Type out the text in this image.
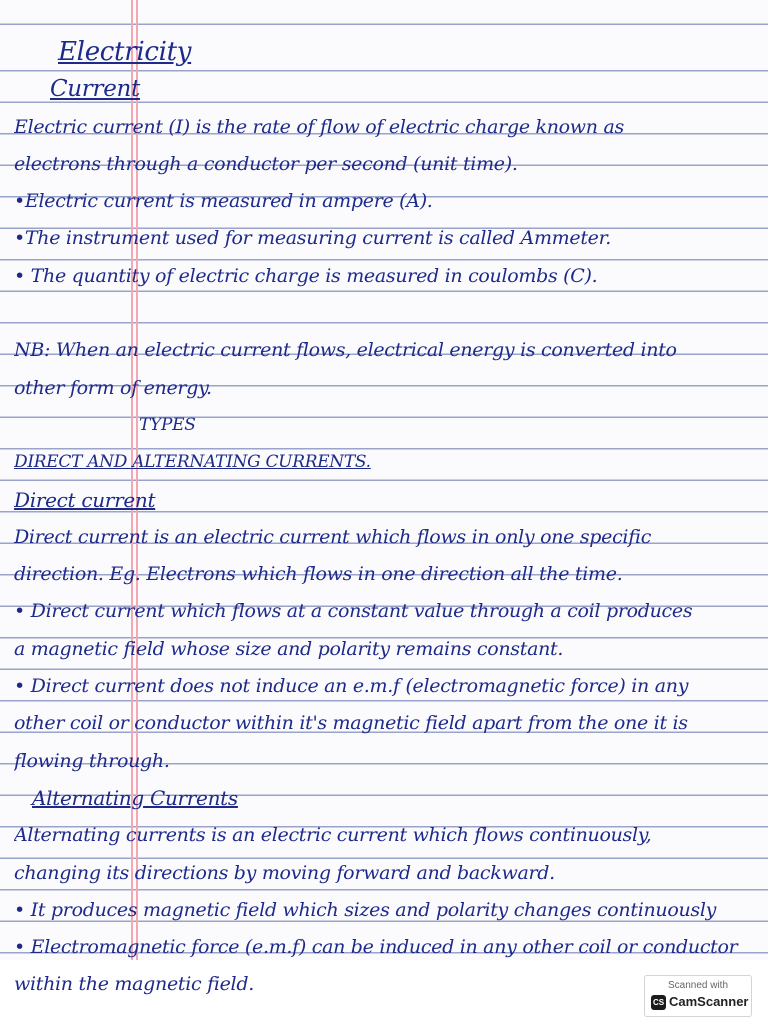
Electricity
Current
Electric current (I) is the rate of flow of electric charge known as
electrons through a conductor per second (unit time).
•Electric current is measured in ampere (A).
•The instrument used for measuring current is called Ammeter.
• The quantity of electric charge is measured in coulombs (C).
NB: When an electric current flows, electrical energy is converted into
other form of energy.
TYPES
DIRECT AND ALTERNATING CURRENTS.
Direct current
Direct current is an electric current which flows in only one specific
direction. Eg. Electrons which flows in one direction all the time.
• Direct current which flows at a constant value through a coil produces
a magnetic field whose size and polarity remains constant.
• Direct current does not induce an e.m.f (electromagnetic force) in any
other coil or conductor within it's magnetic field apart from the one it is
flowing through.
Alternating Currents
Alternating currents is an electric current which flows continuously,
changing its directions by moving forward and backward.
• It produces magnetic field which sizes and polarity changes continuously
• Electromagnetic force (e.m.f) can be induced in any other coil or conductor
within the magnetic field.	Scanned with
CS CamScanner
